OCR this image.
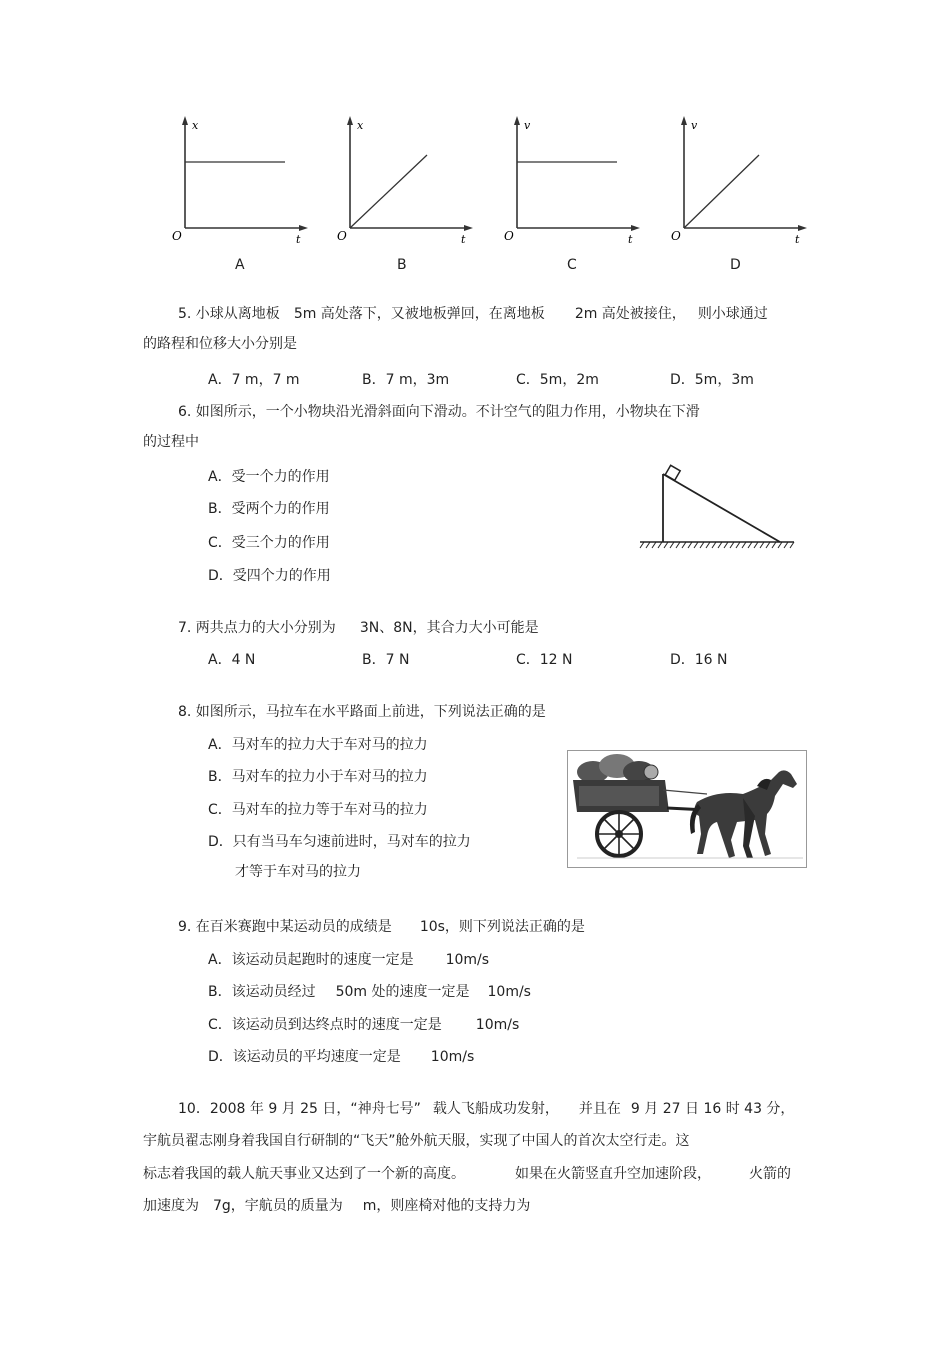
x
t
O
x
t
O
v
t
O
v
t
O
A	B	C	D
5. 小球从离地板 5m 高处落下，又被地板弹回，在离地板 2m 高处被接住， 则小球通过
的路程和位移大小分别是
A．7 m，7 m	B．7 m，3m	C．5m，2m	D．5m，3m
6. 如图所示，一个小物块沿光滑斜面向下滑动。不计空气的阻力作用，小物块在下滑
的过程中
A．受一个力的作用
B．受两个力的作用
C．受三个力的作用
D．受四个力的作用
7. 两共点力的大小分别为 3N、8N，其合力大小可能是
A．4 N	B．7 N	C．12 N	D．16 N
8. 如图所示，马拉车在水平路面上前进，下列说法正确的是
A．马对车的拉力大于车对马的拉力
B．马对车的拉力小于车对马的拉力
C．马对车的拉力等于车对马的拉力
D．只有当马车匀速前进时，马对车的拉力
才等于车对马的拉力
9. 在百米赛跑中某运动员的成绩是 10s，则下列说法正确的是
A．该运动员起跑时的速度一定是 10m/s
B．该运动员经过 50m 处的速度一定是 10m/s
C．该运动员到达终点时的速度一定是 10m/s
D．该运动员的平均速度一定是 10m/s
10．2008 年 9 月 25 日，“神舟七号” 载人飞船成功发射， 并且在 9 月 27 日 16 时 43 分，
宇航员翟志刚身着我国自行研制的“飞天”舱外航天服，实现了中国人的首次太空行走。这
标志着我国的载人航天事业又达到了一个新的高度。	如果在火箭竖直升空加速阶段，	火箭的
加速度为 7g，宇航员的质量为 m，则座椅对他的支持力为
